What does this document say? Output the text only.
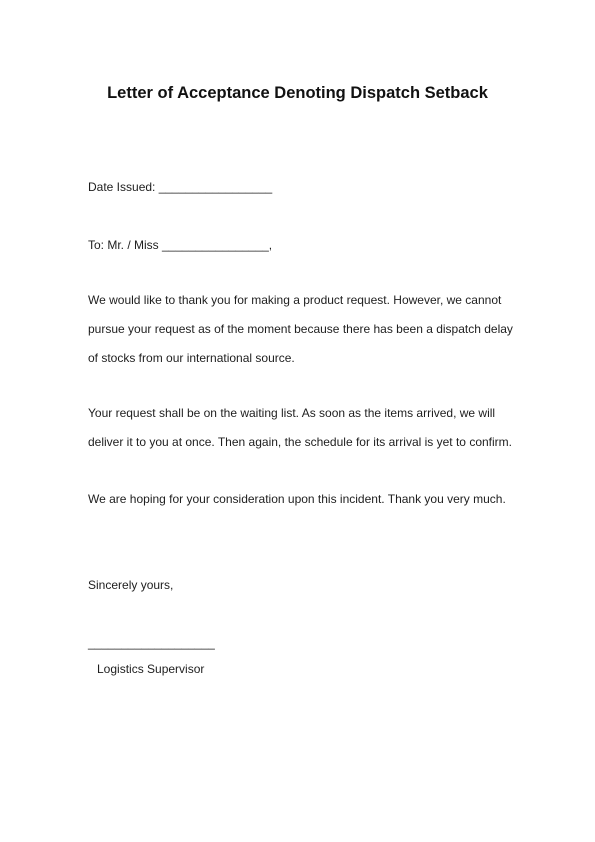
Letter of Acceptance Denoting Dispatch Setback
Date Issued: _________________
To: Mr. / Miss ________________,

We would like to thank you for making a product request. However, we cannot

pursue your request as of the moment because there has been a dispatch delay

of stocks from our international source.

Your request shall be on the waiting list. As soon as the items arrived, we will

deliver it to you at once. Then again, the schedule for its arrival is yet to confirm.

We are hoping for your consideration upon this incident. Thank you very much.
Sincerely yours,
___________________
Logistics Supervisor
